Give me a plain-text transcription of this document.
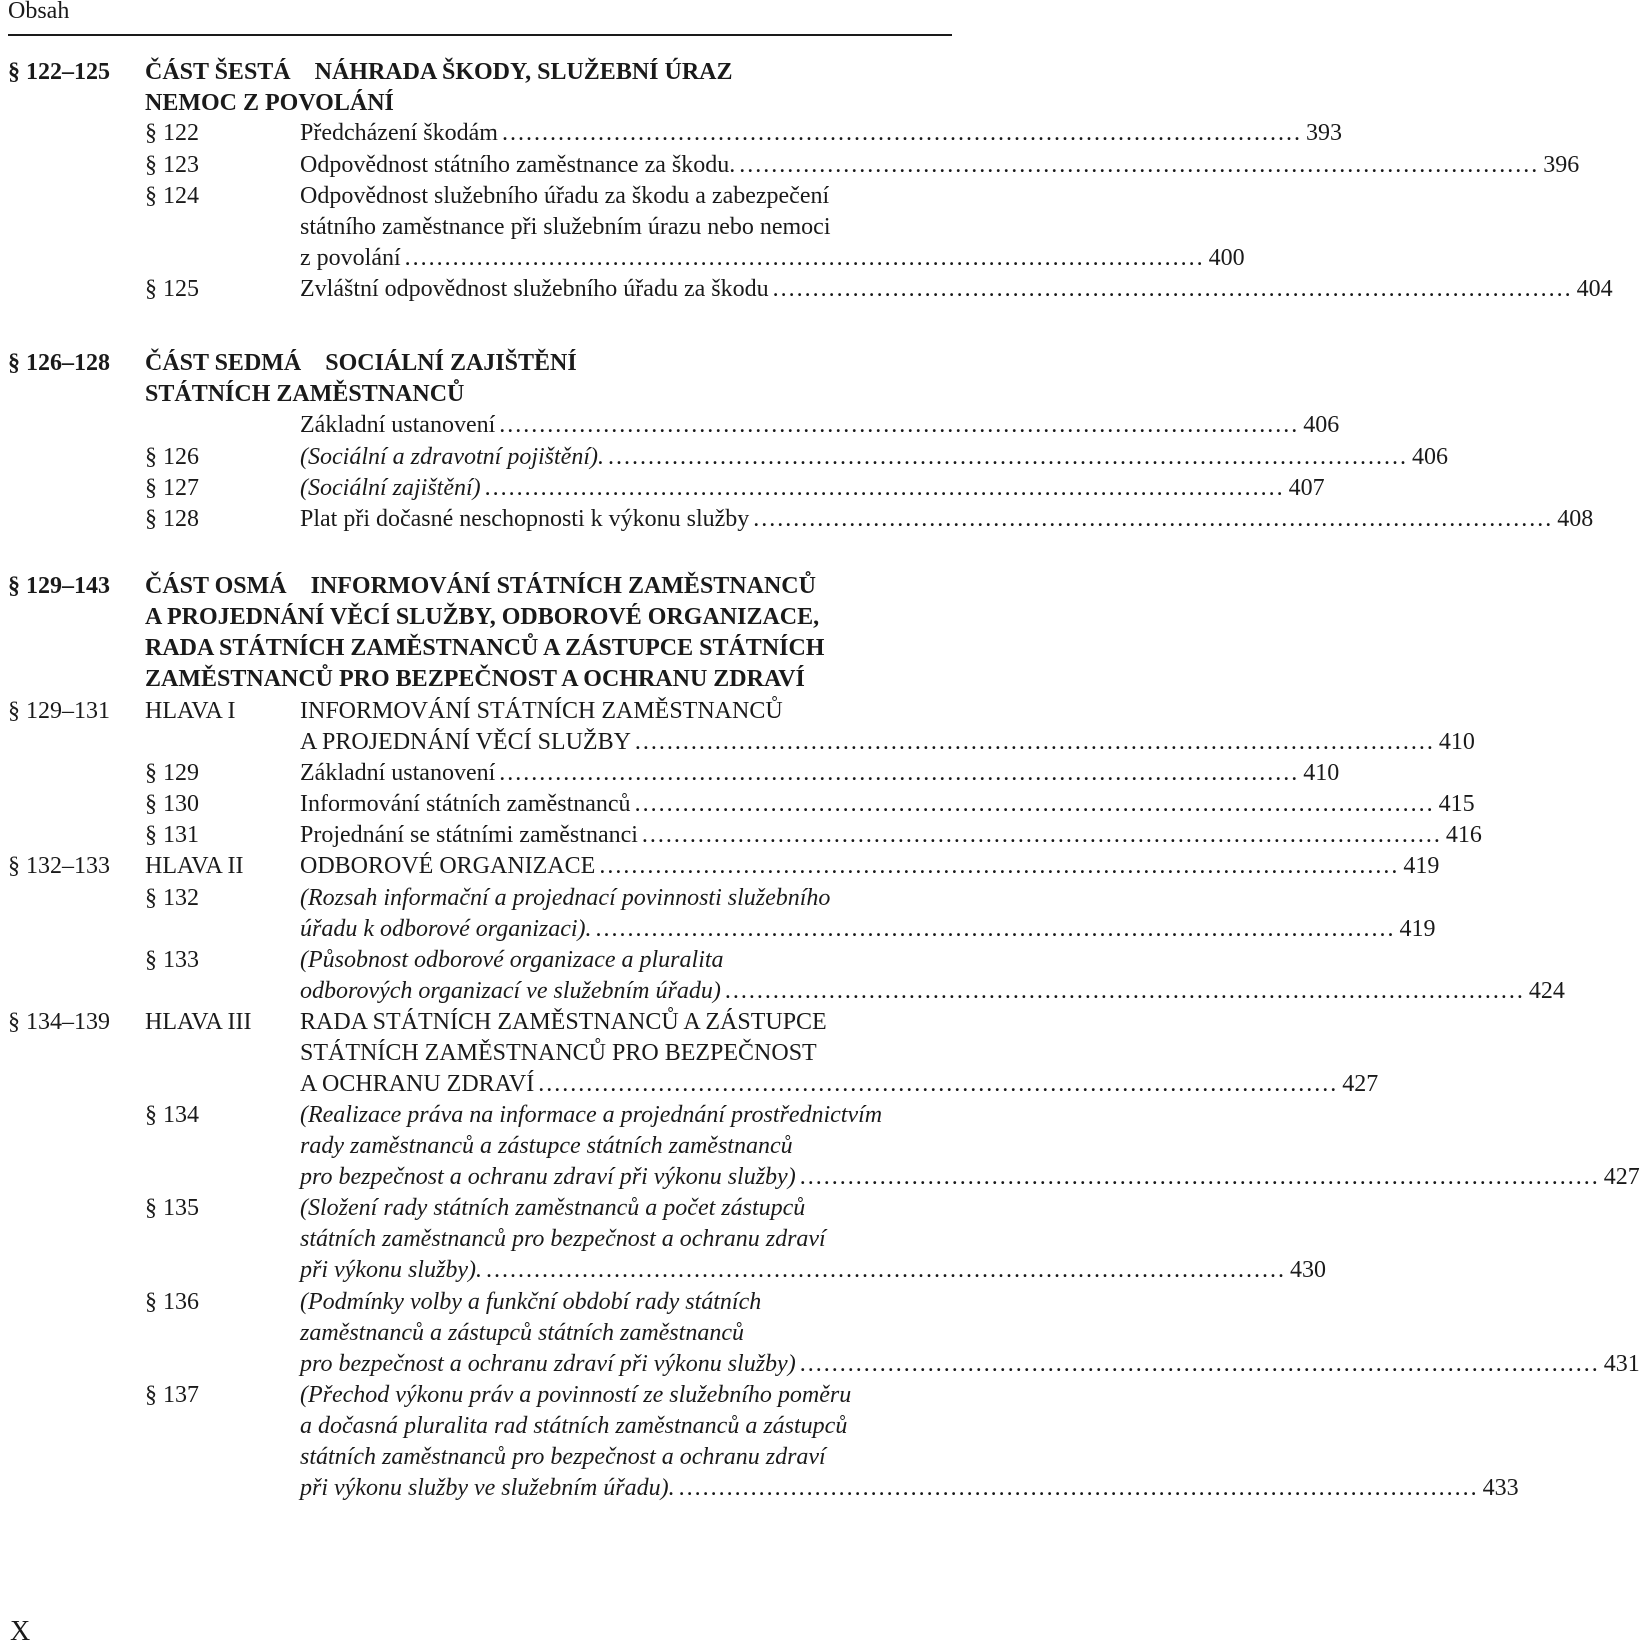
Obsah
§ 122–125 ČÁST ŠESTÁ    NÁHRADA ŠKODY, SLUŽEBNÍ ÚRAZ
NEMOC Z POVOLÁNÍ
§ 122	Předcházení škodám .................................................................................................... 393
§ 123	Odpovědnost státního zaměstnance za škodu. .................................................................................................... 396
§ 124	Odpovědnost služebního úřadu za škodu a zabezpečení
státního zaměstnance při služebním úrazu nebo nemoci
z povolání .................................................................................................... 400
§ 125	Zvláštní odpovědnost služebního úřadu za škodu .................................................................................................... 404
§ 126–128 ČÁST SEDMÁ    SOCIÁLNÍ ZAJIŠTĚNÍ
STÁTNÍCH ZAMĚSTNANCŮ
Základní ustanovení .................................................................................................... 406
§ 126	(Sociální a zdravotní pojištění). .................................................................................................... 406
§ 127	(Sociální zajištění) .................................................................................................... 407
§ 128	Plat při dočasné neschopnosti k výkonu služby .................................................................................................... 408
§ 129–143 ČÁST OSMÁ    INFORMOVÁNÍ STÁTNÍCH ZAMĚSTNANCŮ
A PROJEDNÁNÍ VĚCÍ SLUŽBY, ODBOROVÉ ORGANIZACE,
RADA STÁTNÍCH ZAMĚSTNANCŮ A ZÁSTUPCE STÁTNÍCH
ZAMĚSTNANCŮ PRO BEZPEČNOST A OCHRANU ZDRAVÍ
§ 129–131 HLAVA I	INFORMOVÁNÍ STÁTNÍCH ZAMĚSTNANCŮ
A PROJEDNÁNÍ VĚCÍ SLUŽBY .................................................................................................... 410
§ 129	Základní ustanovení .................................................................................................... 410
§ 130	Informování státních zaměstnanců .................................................................................................... 415
§ 131	Projednání se státními zaměstnanci .................................................................................................... 416
§ 132–133 HLAVA II ODBOROVÉ ORGANIZACE .................................................................................................... 419
§ 132	(Rozsah informační a projednací povinnosti služebního
úřadu k odborové organizaci). .................................................................................................... 419
§ 133	(Působnost odborové organizace a pluralita
odborových organizací ve služebním úřadu) .................................................................................................... 424
§ 134–139 HLAVA III RADA STÁTNÍCH ZAMĚSTNANCŮ A ZÁSTUPCE
STÁTNÍCH ZAMĚSTNANCŮ PRO BEZPEČNOST
A OCHRANU ZDRAVÍ .................................................................................................... 427
§ 134	(Realizace práva na informace a projednání prostřednictvím
rady zaměstnanců a zástupce státních zaměstnanců
pro bezpečnost a ochranu zdraví při výkonu služby) .................................................................................................... 427
§ 135	(Složení rady státních zaměstnanců a počet zástupců
státních zaměstnanců pro bezpečnost a ochranu zdraví
při výkonu služby). .................................................................................................... 430
§ 136	(Podmínky volby a funkční období rady státních
zaměstnanců a zástupců státních zaměstnanců
pro bezpečnost a ochranu zdraví při výkonu služby) .................................................................................................... 431
§ 137	(Přechod výkonu práv a povinností ze služebního poměru
a dočasná pluralita rad státních zaměstnanců a zástupců
státních zaměstnanců pro bezpečnost a ochranu zdraví
při výkonu služby ve služebním úřadu). .................................................................................................... 433
X
